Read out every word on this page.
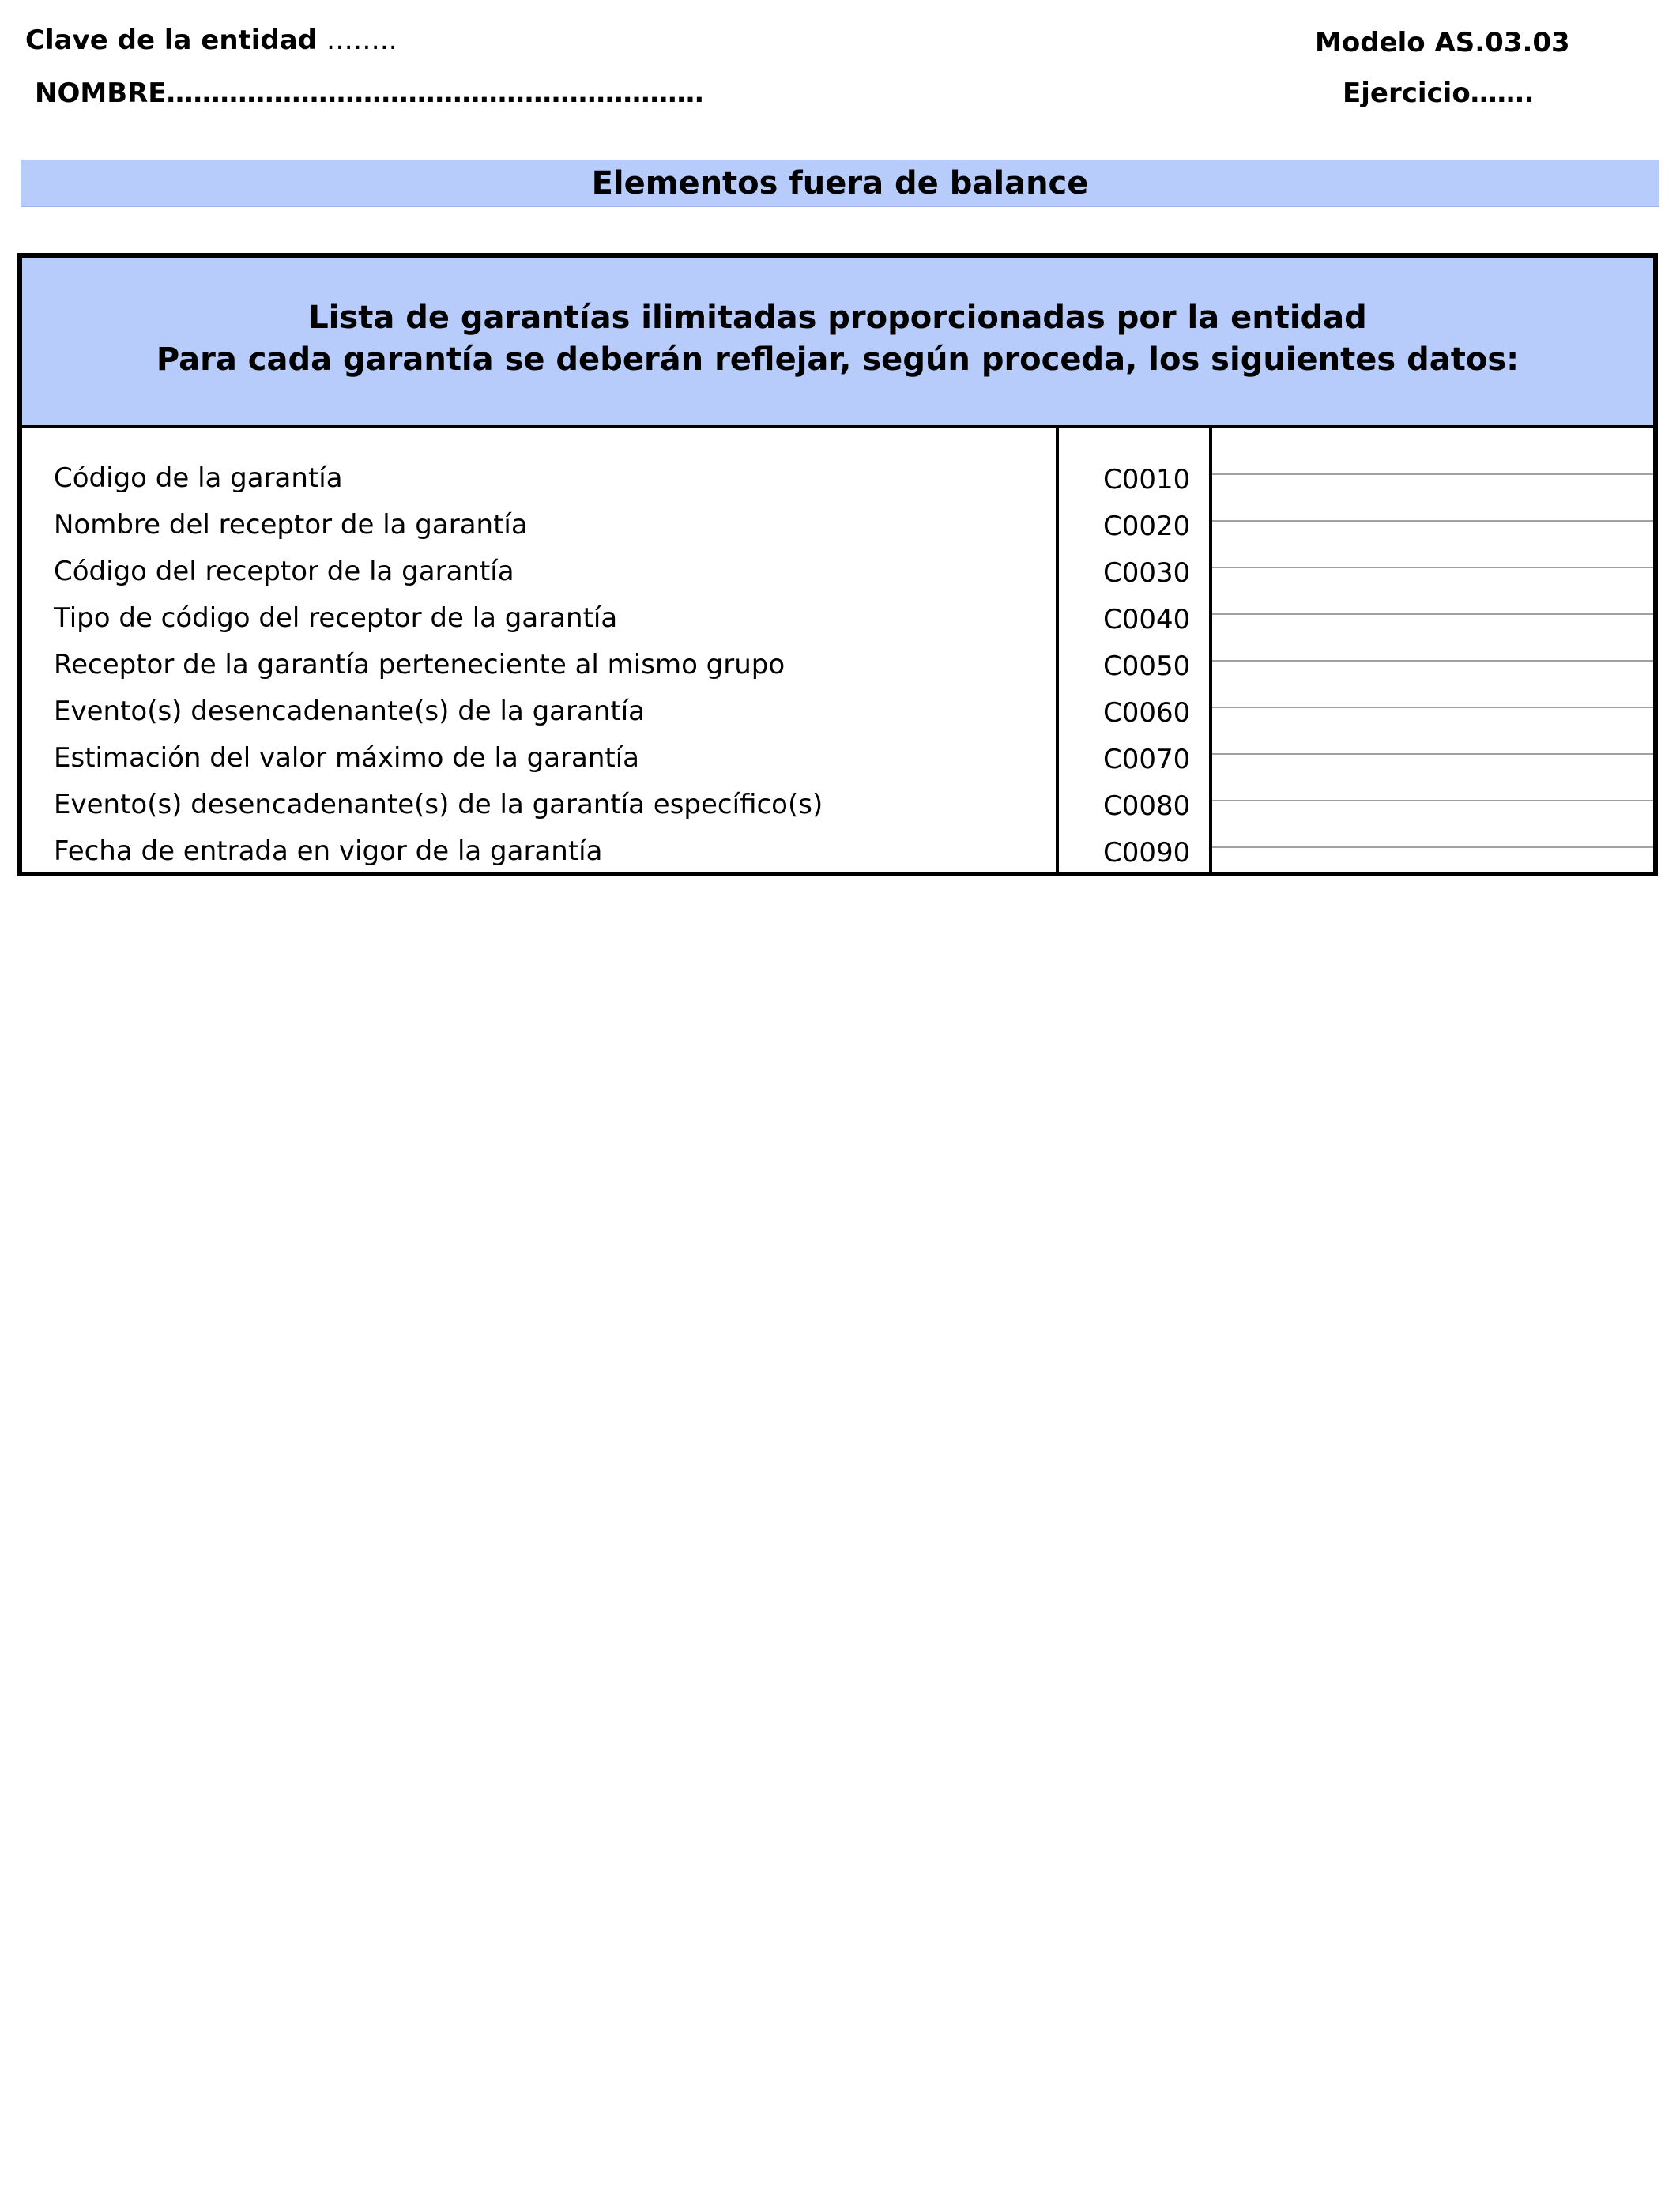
Clave de la entidad ……..
NOMBRE……………………………………………………
Modelo AS.03.03
Ejercicio…….
Elementos fuera de balance
Lista de garantías ilimitadas proporcionadas por la entidad
Para cada garantía se deberán reflejar, según proceda, los siguientes datos:
Código de la garantía
Nombre del receptor de la garantía
Código del receptor de la garantía
Tipo de código del receptor de la garantía
Receptor de la garantía perteneciente al mismo grupo
Evento(s) desencadenante(s) de la garantía
Estimación del valor máximo de la garantía
Evento(s) desencadenante(s) de la garantía específico(s)
Fecha de entrada en vigor de la garantía
C0010
C0020
C0030
C0040
C0050
C0060
C0070
C0080
C0090
